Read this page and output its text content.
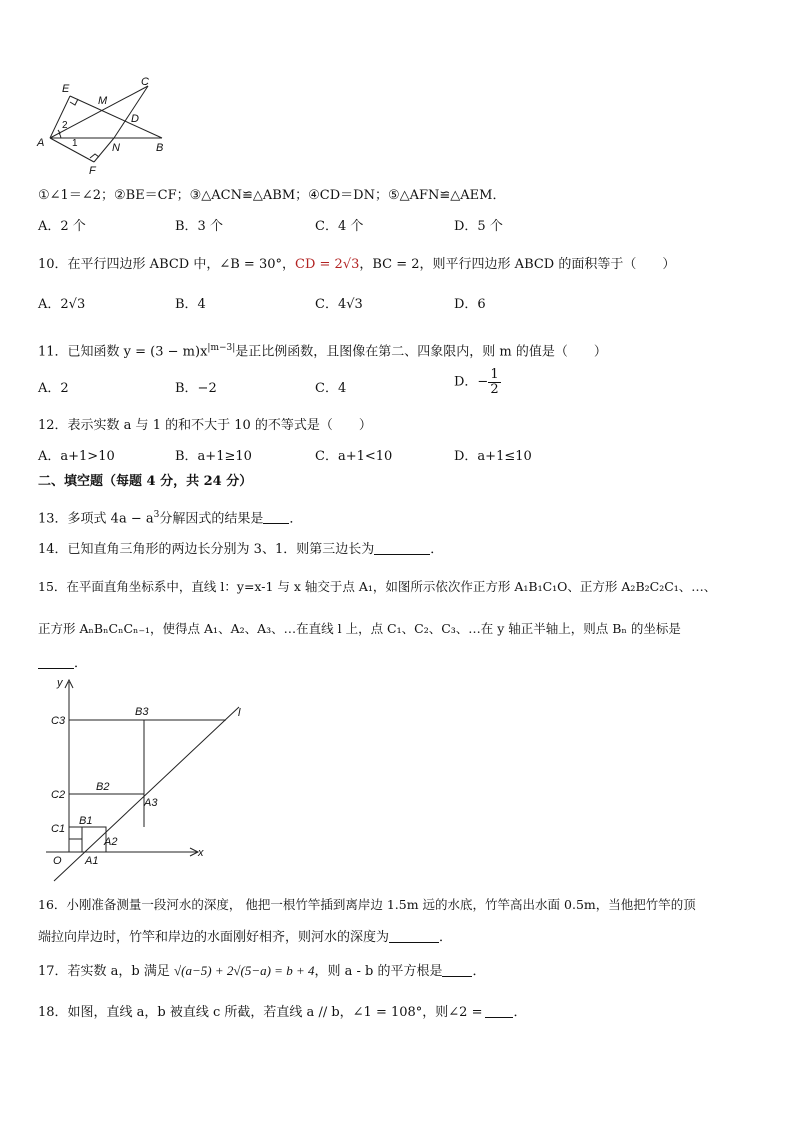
E
M
C
D
A	N	B
F
1
2
①∠1＝∠2；②BE＝CF；③△ACN≌△ABM；④CD＝DN；⑤△AFN≌△AEM．
A．2 个	B．3 个	C．4 个	D．5 个
10．在平行四边形 ABCD 中，∠B = 30°，CD = 2√3，BC = 2，则平行四边形 ABCD 的面积等于（　　）
A．2√3	B．4	C．4√3	D．6
11．已知函数 $y = (3 - m)x^{|m-3|}$是正比例函数，且图像在第二、四象限内，则 m 的值是（　　）
A．2	B．−2	C．4	D．− $\frac{1}{2}$
12．表示实数 a 与 1 的和不大于 10 的不等式是（　　）
A．a+1>10	B．a+1≥10	C．a+1<10	D．a+1≤10
二、填空题（每题 4 分，共 24 分）
13．多项式 $4a - a^3$分解因式的结果是 ．
14．已知直角三角形的两边长分别为 3、1．则第三边长为	．
15．在平面直角坐标系中，直线 l：y=x-1 与 x 轴交于点 A₁，如图所示依次作正方形 A₁B₁C₁O、正方形 A₂B₂C₂C₁、…、
正方形 AₙBₙCₙCₙ₋₁，使得点 A₁、A₂、A₃、…在直线 l 上，点 C₁、C₂、C₃、…在 y 轴正半轴上，则点 Bₙ 的坐标是
．
y
x
l
O
C3
B3
C2
B2
A3
C1
B1
A2
A1
16．小刚准备测量一段河水的深度， 他把一根竹竿插到离岸边 1.5m 远的水底，竹竿高出水面 0.5m，当他把竹竿的顶
端拉向岸边时，竹竿和岸边的水面刚好相齐，则河水的深度为	．
17．若实数 a，b 满足 √(a−5) + 2√(5−a) = b + 4，则 a - b 的平方根是 ．
18．如图，直线 a，b 被直线 c 所截，若直线 a // b，∠1 = 108°，则∠2 = ．
